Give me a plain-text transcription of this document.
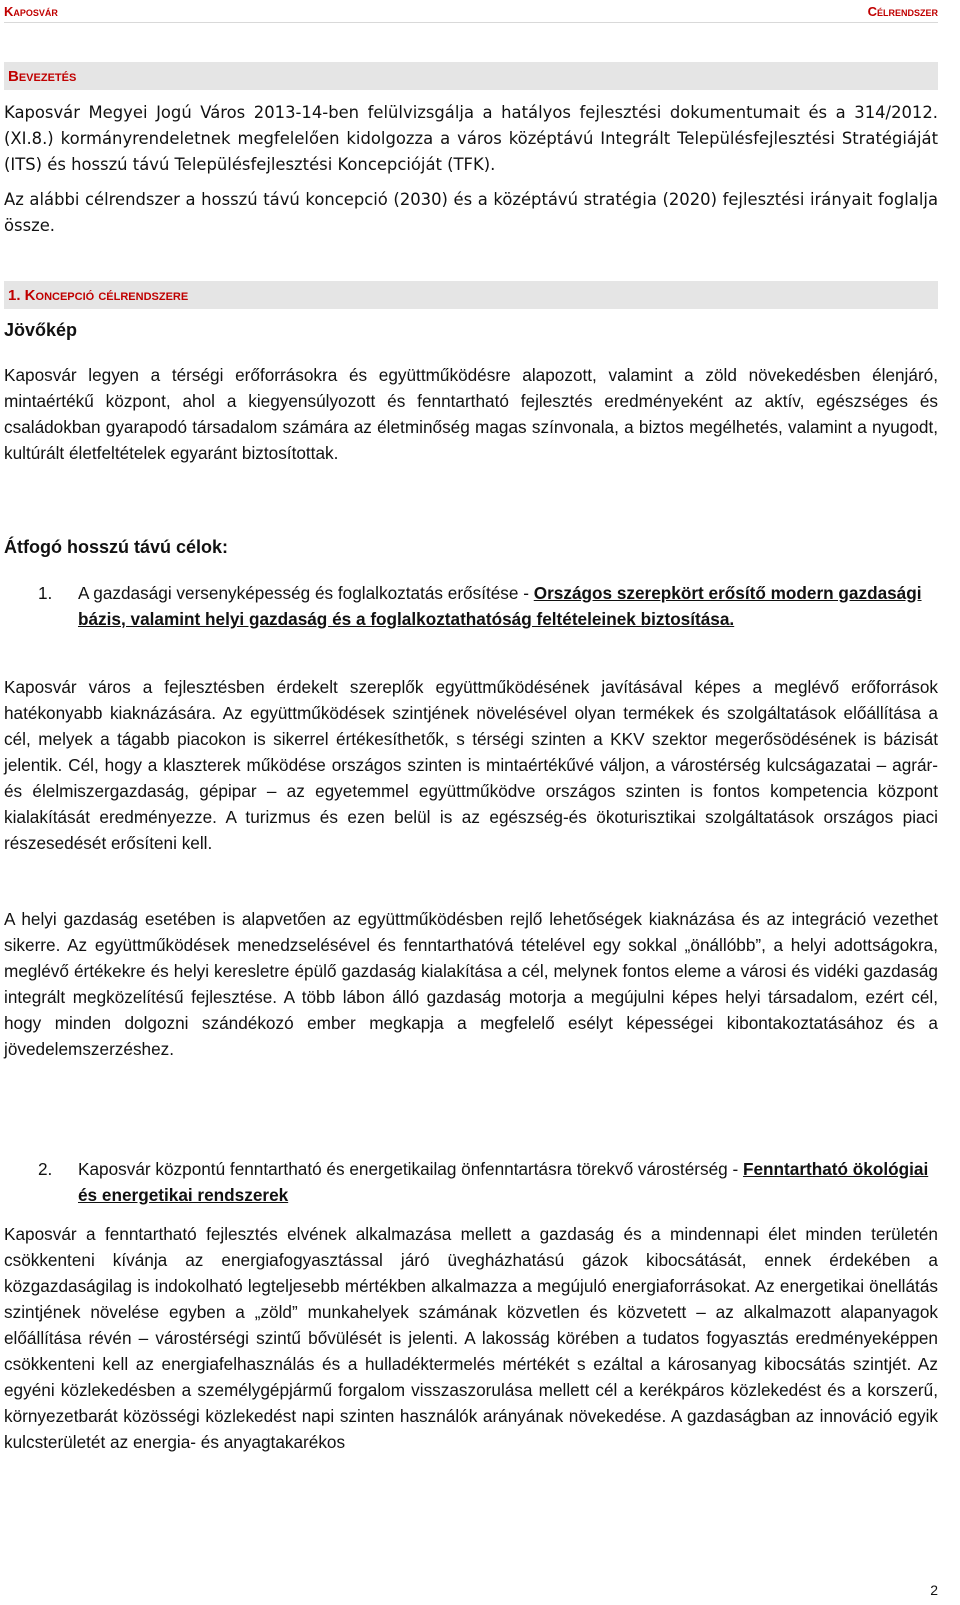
Kaposvár	Célrendszer
Bevezetés

Kaposvár Megyei Jogú Város 2013-14-ben felülvizsgálja a hatályos fejlesztési dokumentumait és a 314/2012.(XI.8.) kormányrendeletnek megfelelően kidolgozza a város középtávú Integrált Településfejlesztési Stratégiáját (ITS) és hosszú távú Településfejlesztési Koncepcióját (TFK).

Az alábbi célrendszer a hosszú távú koncepció (2030) és a középtávú stratégia (2020) fejlesztési irányait foglalja össze.

1. Koncepció célrendszere
Jövőkép

Kaposvár legyen a térségi erőforrásokra és együttműködésre alapozott, valamint a zöld növekedésben élenjáró, mintaértékű központ, ahol a kiegyensúlyozott és fenntartható fejlesztés eredményeként az aktív, egészséges és családokban gyarapodó társadalom számára az életminőség magas színvonala, a biztos megélhetés, valamint a nyugodt, kultúrált életfeltételek egyaránt biztosítottak.

Átfogó hosszú távú célok:
1. A gazdasági versenyképesség és foglalkoztatás erősítése - Országos szerepkört erősítő modern gazdasági bázis, valamint helyi gazdaság és a foglalkoztathatóság feltételeinek biztosítása.

Kaposvár város a fejlesztésben érdekelt szereplők együttműködésének javításával képes a meglévő erőforrások hatékonyabb kiaknázására. Az együttműködések szintjének növelésével olyan termékek és szolgáltatások előállítása a cél, melyek a tágabb piacokon is sikerrel értékesíthetők, s térségi szinten a KKV szektor megerősödésének is bázisát jelentik. Cél, hogy a klaszterek működése országos szinten is mintaértékűvé váljon, a várostérség kulcságazatai – agrár- és élelmiszergazdaság, gépipar – az egyetemmel együttműködve országos szinten is fontos kompetencia központ kialakítását eredményezze. A turizmus és ezen belül is az egészség-és ökoturisztikai szolgáltatások országos piaci részesedését erősíteni kell.

A helyi gazdaság esetében is alapvetően az együttműködésben rejlő lehetőségek kiaknázása és az integráció vezethet sikerre. Az együttműködések menedzselésével és fenntarthatóvá tételével egy sokkal „önállóbb”, a helyi adottságokra, meglévő értékekre és helyi keresletre épülő gazdaság kialakítása a cél, melynek fontos eleme a városi és vidéki gazdaság integrált megközelítésű fejlesztése. A több lábon álló gazdaság motorja a megújulni képes helyi társadalom, ezért cél, hogy minden dolgozni szándékozó ember megkapja a megfelelő esélyt képességei kibontakoztatásához és a jövedelemszerzéshez.

2. Kaposvár központú fenntartható és energetikailag önfenntartásra törekvő várostérség - Fenntartható ökológiai és energetikai rendszerek

Kaposvár a fenntartható fejlesztés elvének alkalmazása mellett a gazdaság és a mindennapi élet minden területén csökkenteni kívánja az energiafogyasztással járó üvegházhatású gázok kibocsátását, ennek érdekében a közgazdaságilag is indokolható legteljesebb mértékben alkalmazza a megújuló energiaforrásokat. Az energetikai önellátás szintjének növelése egyben a „zöld” munkahelyek számának közvetlen és közvetett – az alkalmazott alapanyagok előállítása révén – várostérségi szintű bővülését is jelenti. A lakosság körében a tudatos fogyasztás eredményeképpen csökkenteni kell az energiafelhasználás és a hulladéktermelés mértékét s ezáltal a károsanyag kibocsátás szintjét. Az egyéni közlekedésben a személygépjármű forgalom visszaszorulása mellett cél a kerékpáros közlekedést és a korszerű, környezetbarát közösségi közlekedést napi szinten használók arányának növekedése. A gazdaságban az innováció egyik kulcsterületét az energia- és anyagtakarékos

2
